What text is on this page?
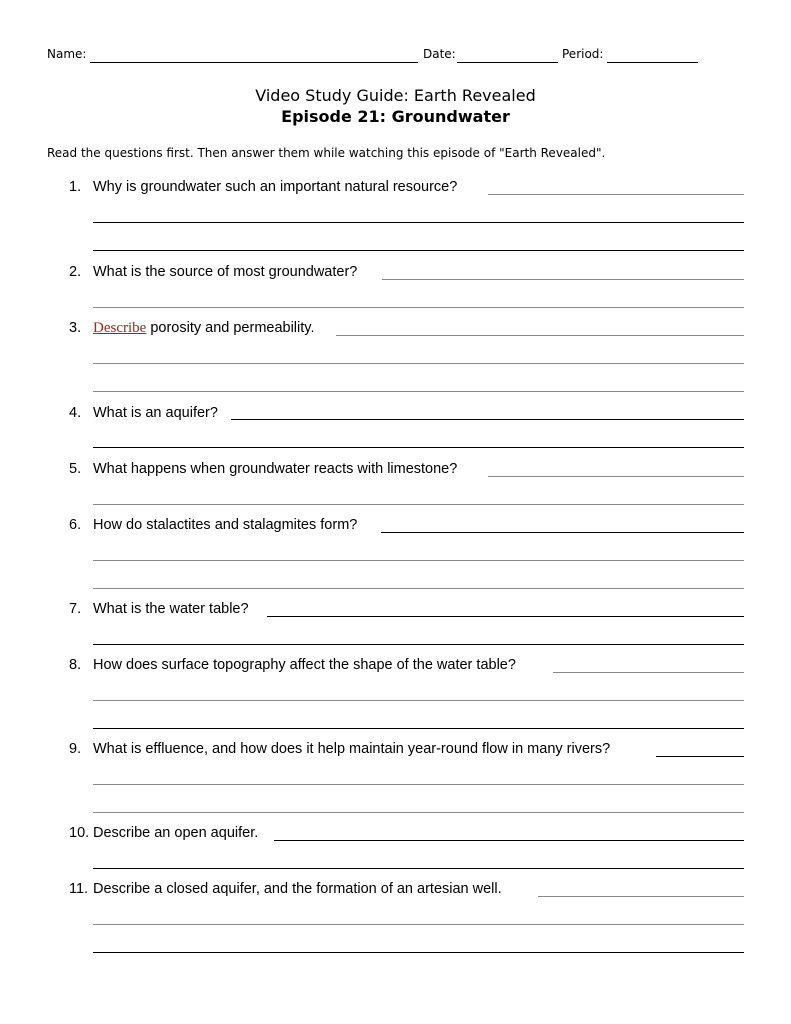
Name:	Date:	Period:
Video Study Guide: Earth Revealed
Episode 21: Groundwater
Read the questions first. Then answer them while watching this episode of "Earth Revealed".
1. Why is groundwater such an important natural resource?
2. What is the source of most groundwater?
3. Describe porosity and permeability.
4. What is an aquifer?
5. What happens when groundwater reacts with limestone?
6. How do stalactites and stalagmites form?
7. What is the water table?
8. How does surface topography affect the shape of the water table?
9. What is effluence, and how does it help maintain year-round flow in many rivers?
10. Describe an open aquifer.
11. Describe a closed aquifer, and the formation of an artesian well.
